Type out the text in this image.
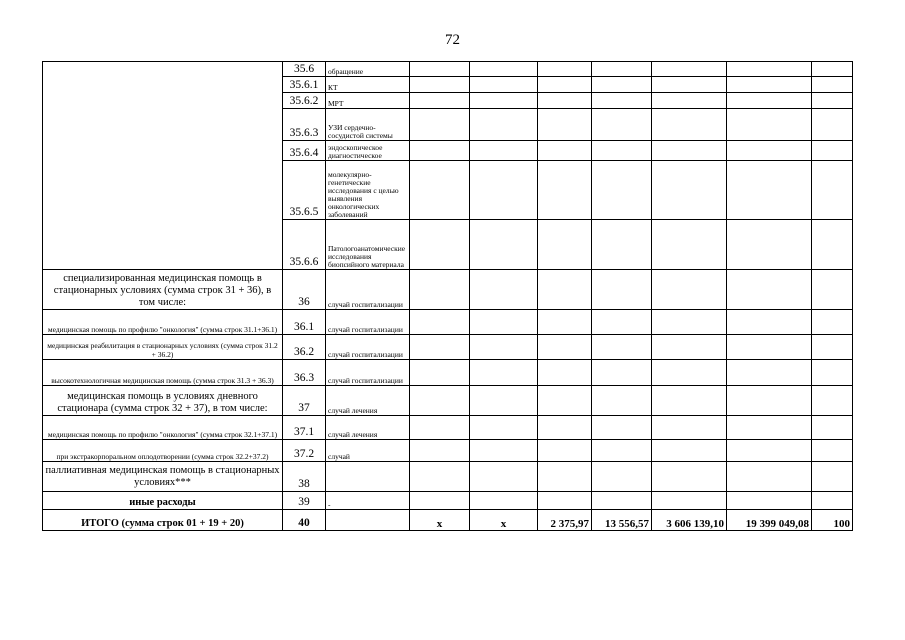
72
	35.6	обращение							
	35.6.1	КТ							
	35.6.2	МРТ							
	35.6.3	УЗИ сердечно-сосудистой системы							
	35.6.4	эндоскопическое диагностическое							
	35.6.5	молекулярно-генетические исследования с целью выявления онкологических заболеваний							
	35.6.6	Патологоанатомические исследования биопсийного материала							
специализированная медицинская помощь в стационарных условиях (сумма строк 31 + 36), в том числе:	36	случай госпитализации							
медицинская помощь по профилю "онкология" (сумма строк 31.1+36.1)	36.1	случай госпитализации							
медицинская реабилитация в стационарных условиях (сумма строк 31.2 + 36.2)	36.2	случай госпитализации							
высокотехнологичная медицинская помощь (сумма строк 31.3 + 36.3)	36.3	случай госпитализации							
медицинская помощь в условиях дневного стационара (сумма строк 32 + 37), в том числе:	37	случай лечения							
медицинская помощь по профилю "онкология" (сумма строк 32.1+37.1)	37.1	случай лечения							
при экстракорпоральном оплодотворении (сумма строк 32.2+37.2)	37.2	случай							
паллиативная медицинская помощь в стационарных условиях***	38								
иные расходы	39	-							
ИТОГО (сумма строк 01 + 19 + 20)	40		x	x	2 375,97	13 556,57	3 606 139,10	19 399 049,08	100
